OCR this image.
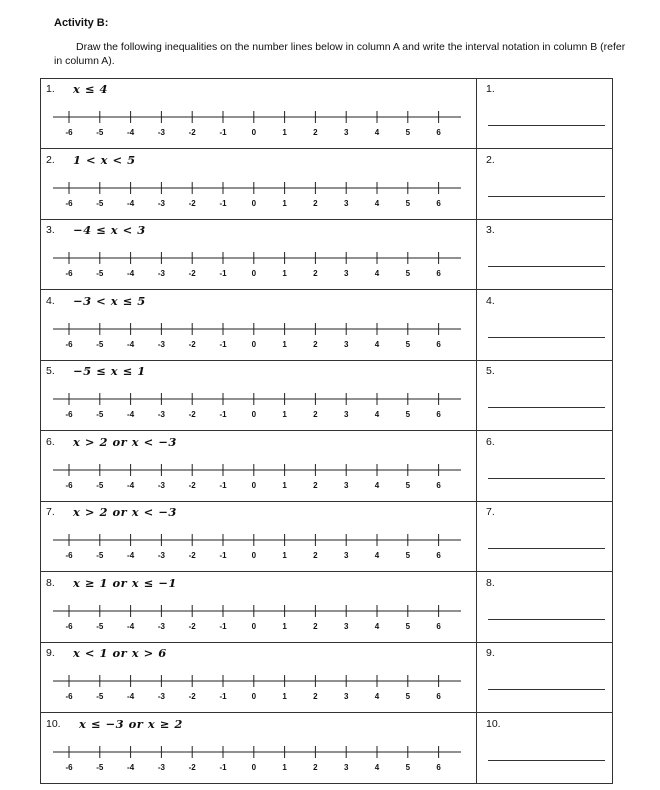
Activity B:
Draw the following inequalities on the number lines below in column A and write the interval notation in column B (refer in column A).
1. x ≤ 4
-6	-5	-4	-3	-2	-1	0	1	2	3	4	5	6
1.
2. 1 < x < 5
-6	-5	-4	-3	-2	-1	0	1	2	3	4	5	6
2.
3. −4 ≤ x < 3
-6	-5	-4	-3	-2	-1	0	1	2	3	4	5	6
3.
4. −3 < x ≤ 5
-6	-5	-4	-3	-2	-1	0	1	2	3	4	5	6
4.
5. −5 ≤ x ≤ 1
-6	-5	-4	-3	-2	-1	0	1	2	3	4	5	6
5.
6. x > 2 or x < −3
-6	-5	-4	-3	-2	-1	0	1	2	3	4	5	6
6.
7. x > 2 or x < −3
-6	-5	-4	-3	-2	-1	0	1	2	3	4	5	6
7.
8. x ≥ 1 or x ≤ −1
-6	-5	-4	-3	-2	-1	0	1	2	3	4	5	6
8.
9. x < 1 or x > 6
-6	-5	-4	-3	-2	-1	0	1	2	3	4	5	6
9.
10. x ≤ −3 or x ≥ 2
-6	-5	-4	-3	-2	-1	0	1	2	3	4	5	6
10.
